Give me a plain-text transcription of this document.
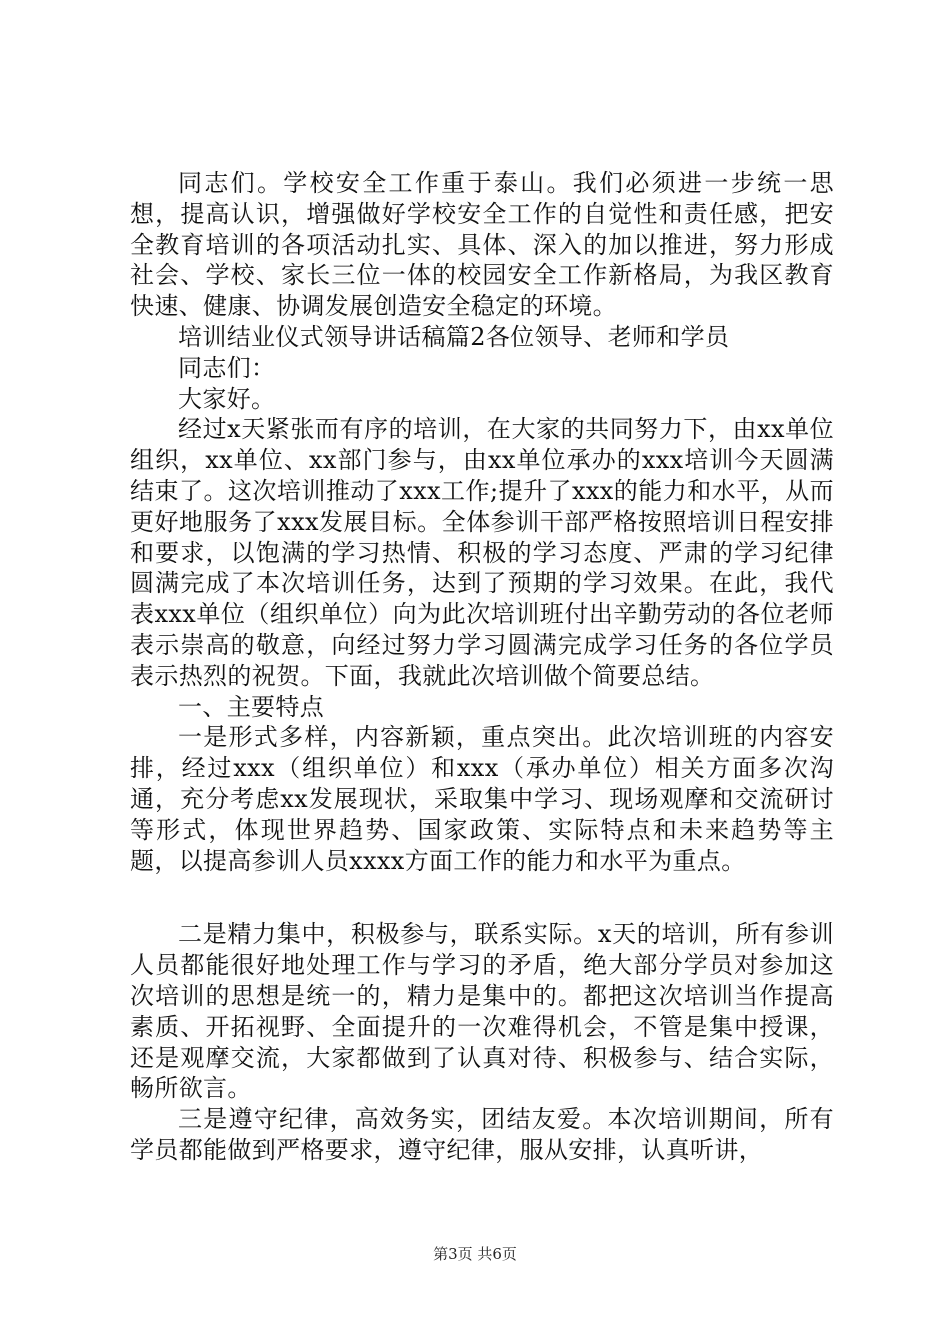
同志们。学校安全工作重于泰山。我们必须进一步统一思想，提高认识，增强做好学校安全工作的自觉性和责任感，把安全教育培训的各项活动扎实、具体、深入的加以推进，努力形成社会、学校、家长三位一体的校园安全工作新格局，为我区教育快速、健康、协调发展创造安全稳定的环境。

培训结业仪式领导讲话稿篇2各位领导、老师和学员

同志们：

大家好。

经过x天紧张而有序的培训，在大家的共同努力下，由xx单位组织，xx单位、xx部门参与，由xx单位承办的xxx培训今天圆满结束了。这次培训推动了xxx工作;提升了xxx的能力和水平，从而更好地服务了xxx发展目标。全体参训干部严格按照培训日程安排和要求，以饱满的学习热情、积极的学习态度、严肃的学习纪律圆满完成了本次培训任务，达到了预期的学习效果。在此，我代表xxx单位（组织单位）向为此次培训班付出辛勤劳动的各位老师表示崇高的敬意，向经过努力学习圆满完成学习任务的各位学员表示热烈的祝贺。下面，我就此次培训做个简要总结。

一、主要特点

一是形式多样，内容新颖，重点突出。此次培训班的内容安排，经过xxx（组织单位）和xxx（承办单位）相关方面多次沟通，充分考虑xx发展现状，采取集中学习、现场观摩和交流研讨等形式，体现世界趋势、国家政策、实际特点和未来趋势等主题，以提高参训人员xxxx方面工作的能力和水平为重点。

二是精力集中，积极参与，联系实际。x天的培训，所有参训人员都能很好地处理工作与学习的矛盾，绝大部分学员对参加这次培训的思想是统一的，精力是集中的。都把这次培训当作提高素质、开拓视野、全面提升的一次难得机会，不管是集中授课，还是观摩交流，大家都做到了认真对待、积极参与、结合实际，畅所欲言。

三是遵守纪律，高效务实，团结友爱。本次培训期间，所有学员都能做到严格要求，遵守纪律，服从安排，认真听讲，

第3页 共6页
